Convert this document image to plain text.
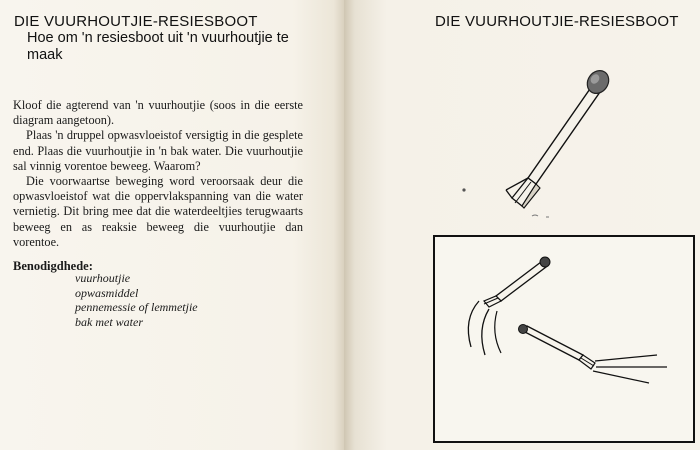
DIE VUURHOUTJIE-RESIESBOOT
Hoe om 'n resiesboot uit 'n vuurhoutjie te maak

Kloof die agterend van 'n vuurhoutjie (soos in die eerste diagram aangetoon).

Plaas 'n druppel opwasvloeistof versigtig in die gesplete end. Plaas die vuurhoutjie in 'n bak water. Die vuurhoutjie sal vinnig vorentoe beweeg. Waarom?

Die voorwaartse beweging word veroorsaak deur die opwasvloeistof wat die oppervlakspanning van die water vernietig. Dit bring mee dat die waterdeeltjies terugwaarts beweeg en as reaksie beweeg die vuurhoutjie dan vorentoe.

Benodigdhede:
vuurhoutjie
opwasmiddel
pennemessie of lemmetjie
bak met water
DIE VUURHOUTJIE-RESIESBOOT
